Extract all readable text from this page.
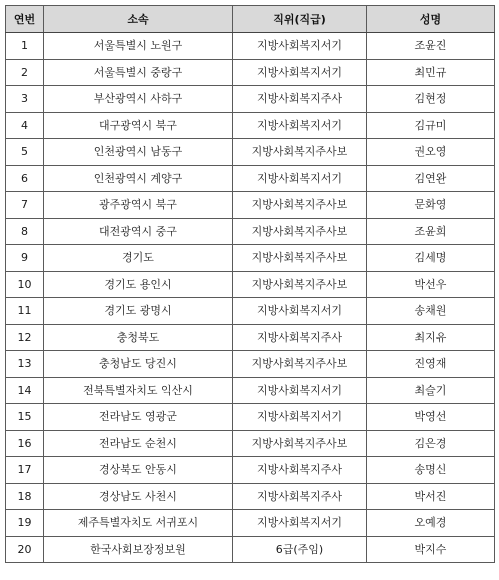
연번	소속	직위(직급)	성명
1	서울특별시 노원구	지방사회복지서기	조윤진
2	서울특별시 중랑구	지방사회복지서기	최민규
3	부산광역시 사하구	지방사회복지주사	김현정
4	대구광역시 북구	지방사회복지서기	김규미
5	인천광역시 남동구	지방사회복지주사보	권오영
6	인천광역시 계양구	지방사회복지서기	김연완
7	광주광역시 북구	지방사회복지주사보	문화영
8	대전광역시 중구	지방사회복지주사보	조윤희
9	경기도	지방사회복지주사보	김세명
10	경기도 용인시	지방사회복지주사보	박선우
11	경기도 광명시	지방사회복지서기	송채원
12	충청북도	지방사회복지주사	최지유
13	충청남도 당진시	지방사회복지주사보	진영재
14	전북특별자치도 익산시	지방사회복지서기	최슬기
15	전라남도 영광군	지방사회복지서기	박영선
16	전라남도 순천시	지방사회복지주사보	김은경
17	경상북도 안동시	지방사회복지주사	송명신
18	경상남도 사천시	지방사회복지주사	박서진
19	제주특별자치도 서귀포시	지방사회복지서기	오예경
20	한국사회보장정보원	6급(주임)	박지수
